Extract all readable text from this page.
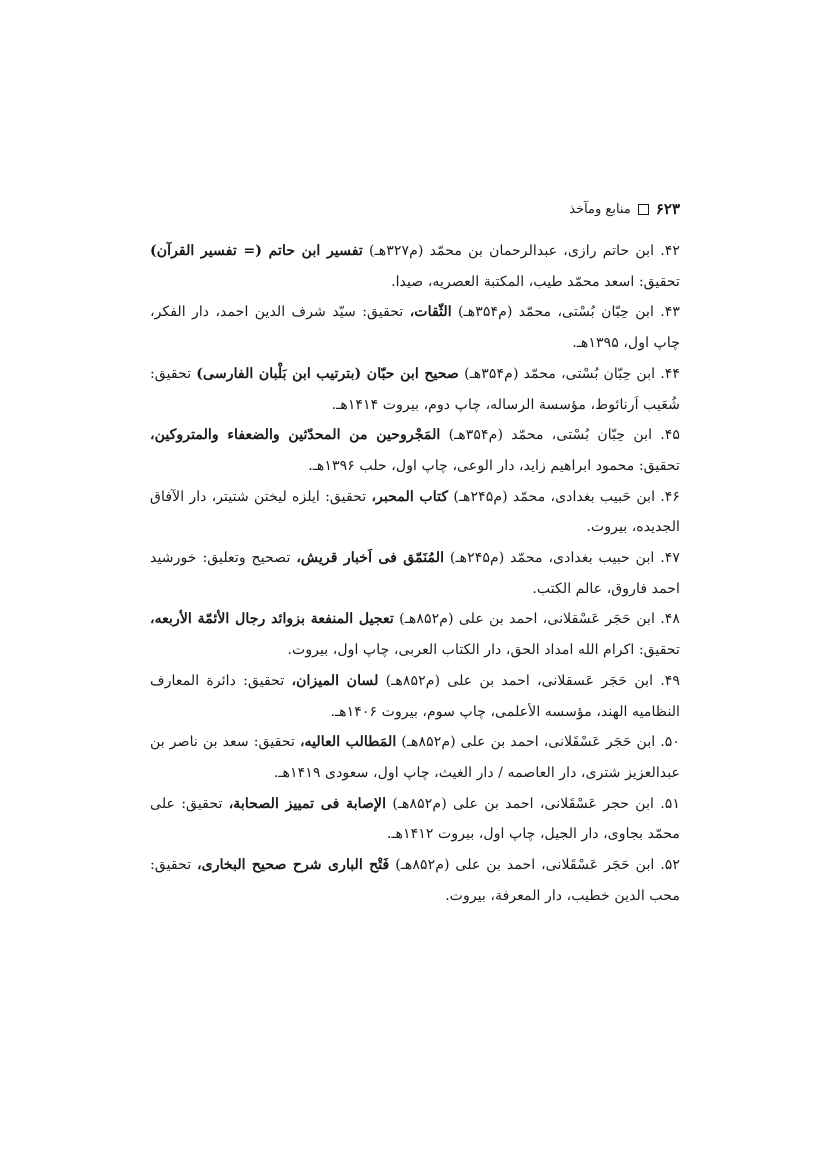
۶۲۳
منابع ومآخذ
۴۲. ابن حاتم رازی، عبدالرحمان بن محمّد (م۳۲۷هـ) تفسیر ابن حاتم (= تفسیر القرآن) تحقیق: اسعد محمّد طیب، المکتبة العصریه، صیدا.
۴۳. ابن حِبّان بُسْتی، محمّد (م۳۵۴هـ) الثّقات، تحقیق: سیّد شرف الدین احمد، دار الفکر، چاپ اول، ۱۳۹۵هـ.
۴۴. ابن حِبّان بُسْتی، محمّد (م۳۵۴هـ) صحیح ابن حبّان (بترتیب ابن بَلْبان الفارسی) تحقیق: شُعَیب اَرنائوط، مؤسسة الرساله، چاپ دوم، بیروت ۱۴۱۴هـ.
۴۵. ابن حِبّان بُسْتی، محمّد (م۳۵۴هـ) المَجْروحین من المحدّثین والضعفاء والمتروکین، تحقیق: محمود ابراهیم زاید، دار الوعی، چاپ اول، حلب ۱۳۹۶هـ.
۴۶. ابن حَبیب بغدادی، محمّد (م۲۴۵هـ) کتاب المحبر، تحقیق: ایلزه لیختن شتیتر، دار الآفاق الجدیده، بیروت.
۴۷. ابن حبیب بغدادی، محمّد (م۲۴۵هـ) المُنَمّق فی اَخبار قریش، تصحیح وتعلیق: خورشید احمد فاروق، عالم الکتب.
۴۸. ابن حَجَر عَسْقلانی، احمد بن علی (م۸۵۲هـ) تعجیل المنفعة بزوائد رجال الأئمّة الأربعه، تحقیق: اکرام الله امداد الحق، دار الکتاب العربی، چاپ اول، بیروت.
۴۹. ابن حَجَر عَسقلانی، احمد بن علی (م۸۵۲هـ) لسان المیزان، تحقیق: دائرة المعارف النظامیه الهند، مؤسسه الأعلمی، چاپ سوم، بیروت ۱۴۰۶هـ.
۵۰. ابن حَجَر عَسْقَلانی، احمد بن علی (م۸۵۲هـ) المَطالب العالیه، تحقیق: سعد بن ناصر بن عبدالعزیز شتری، دار العاصمه / دار الغیث، چاپ اول، سعودی ۱۴۱۹هـ.
۵۱. ابن حجر عَسْقَلانی، احمد بن علی (م۸۵۲هـ) الإصابة فی تمییز الصحابة، تحقیق: علی محمّد بجاوی، دار الجیل، چاپ اول، بیروت ۱۴۱۲هـ.
۵۲. ابن حَجَر عَسْقَلانی، احمد بن علی (م۸۵۲هـ) فَتْح الباری شرح صحیح البخاری، تحقیق: محب الدین خطیب، دار المعرفة، بیروت.
